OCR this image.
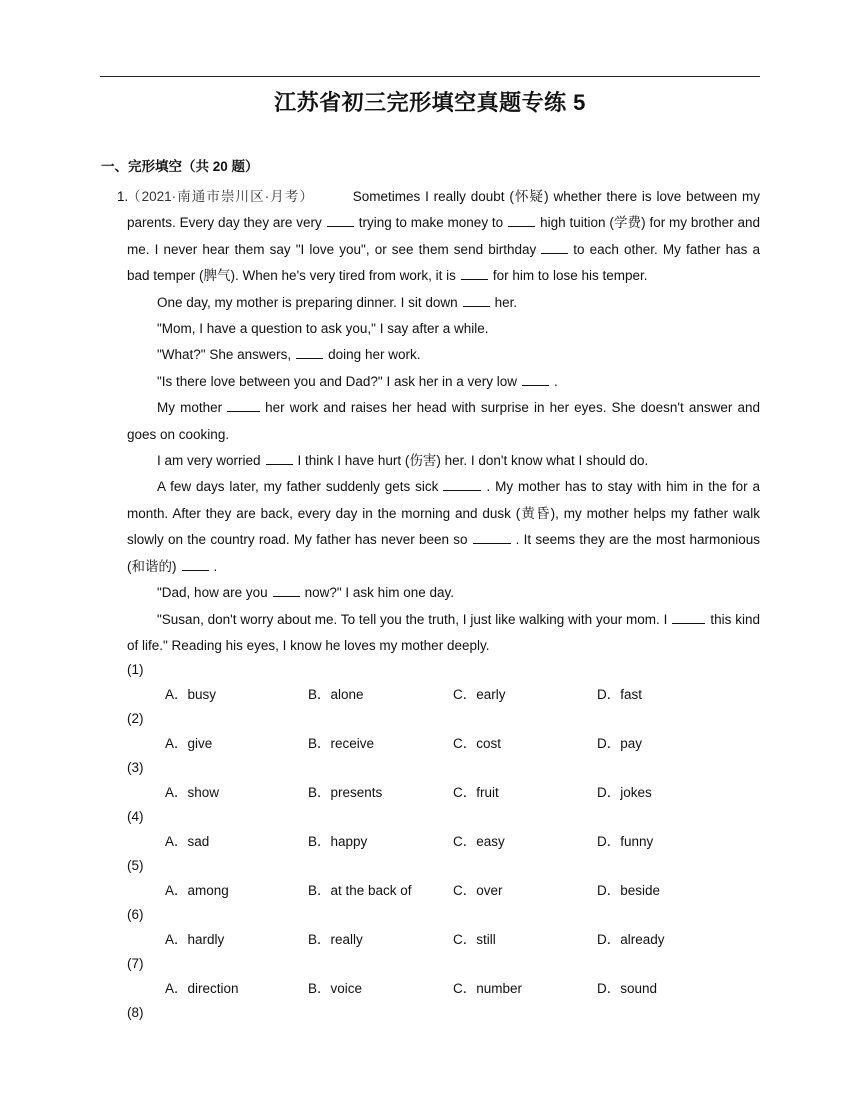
江苏省初三完形填空真题专练 5
一、完形填空（共 20 题）
1.

（2021·南通市崇川区·月考）	Sometimes I really doubt (怀疑) whether there is love between my parents. Every day they are very	trying to make money to	high tuition (学费) for my brother and me. I never hear them say "I love you", or see them send birthday	to each other. My father has a bad temper (脾气). When he's very tired from work, it is	for him to lose his temper.

One day, my mother is preparing dinner. I sit down	her.

"Mom, I have a question to ask you," I say after a while.

"What?" She answers,	doing her work.

"Is there love between you and Dad?" I ask her in a very low	.

My mother	her work and raises her head with surprise in her eyes. She doesn't answer and goes on cooking.

I am very worried	I think I have hurt (伤害) her. I don't know what I should do.

A few days later, my father suddenly gets sick	. My mother has to stay with him in the for a month. After they are back, every day in the morning and dusk (黄昏), my mother helps my father walk slowly on the country road. My father has never been so	. It seems they are the most harmonious (和谐的)	.

"Dad, how are you	now?" I ask him one day.

"Susan, don't worry about me. To tell you the truth, I just like walking with your mom. I	this kind of life." Reading his eyes, I know he loves my mother deeply.

(1)
A．busy	B．alone	C．early	D．fast
(2)
A．give	B．receive	C．cost	D．pay
(3)
A．show	B．presents	C．fruit	D．jokes
(4)
A．sad	B．happy	C．easy	D．funny
(5)
A．among	B．at the back of	C．over	D．beside
(6)
A．hardly	B．really	C．still	D．already
(7)
A．direction	B．voice	C．number	D．sound
(8)
